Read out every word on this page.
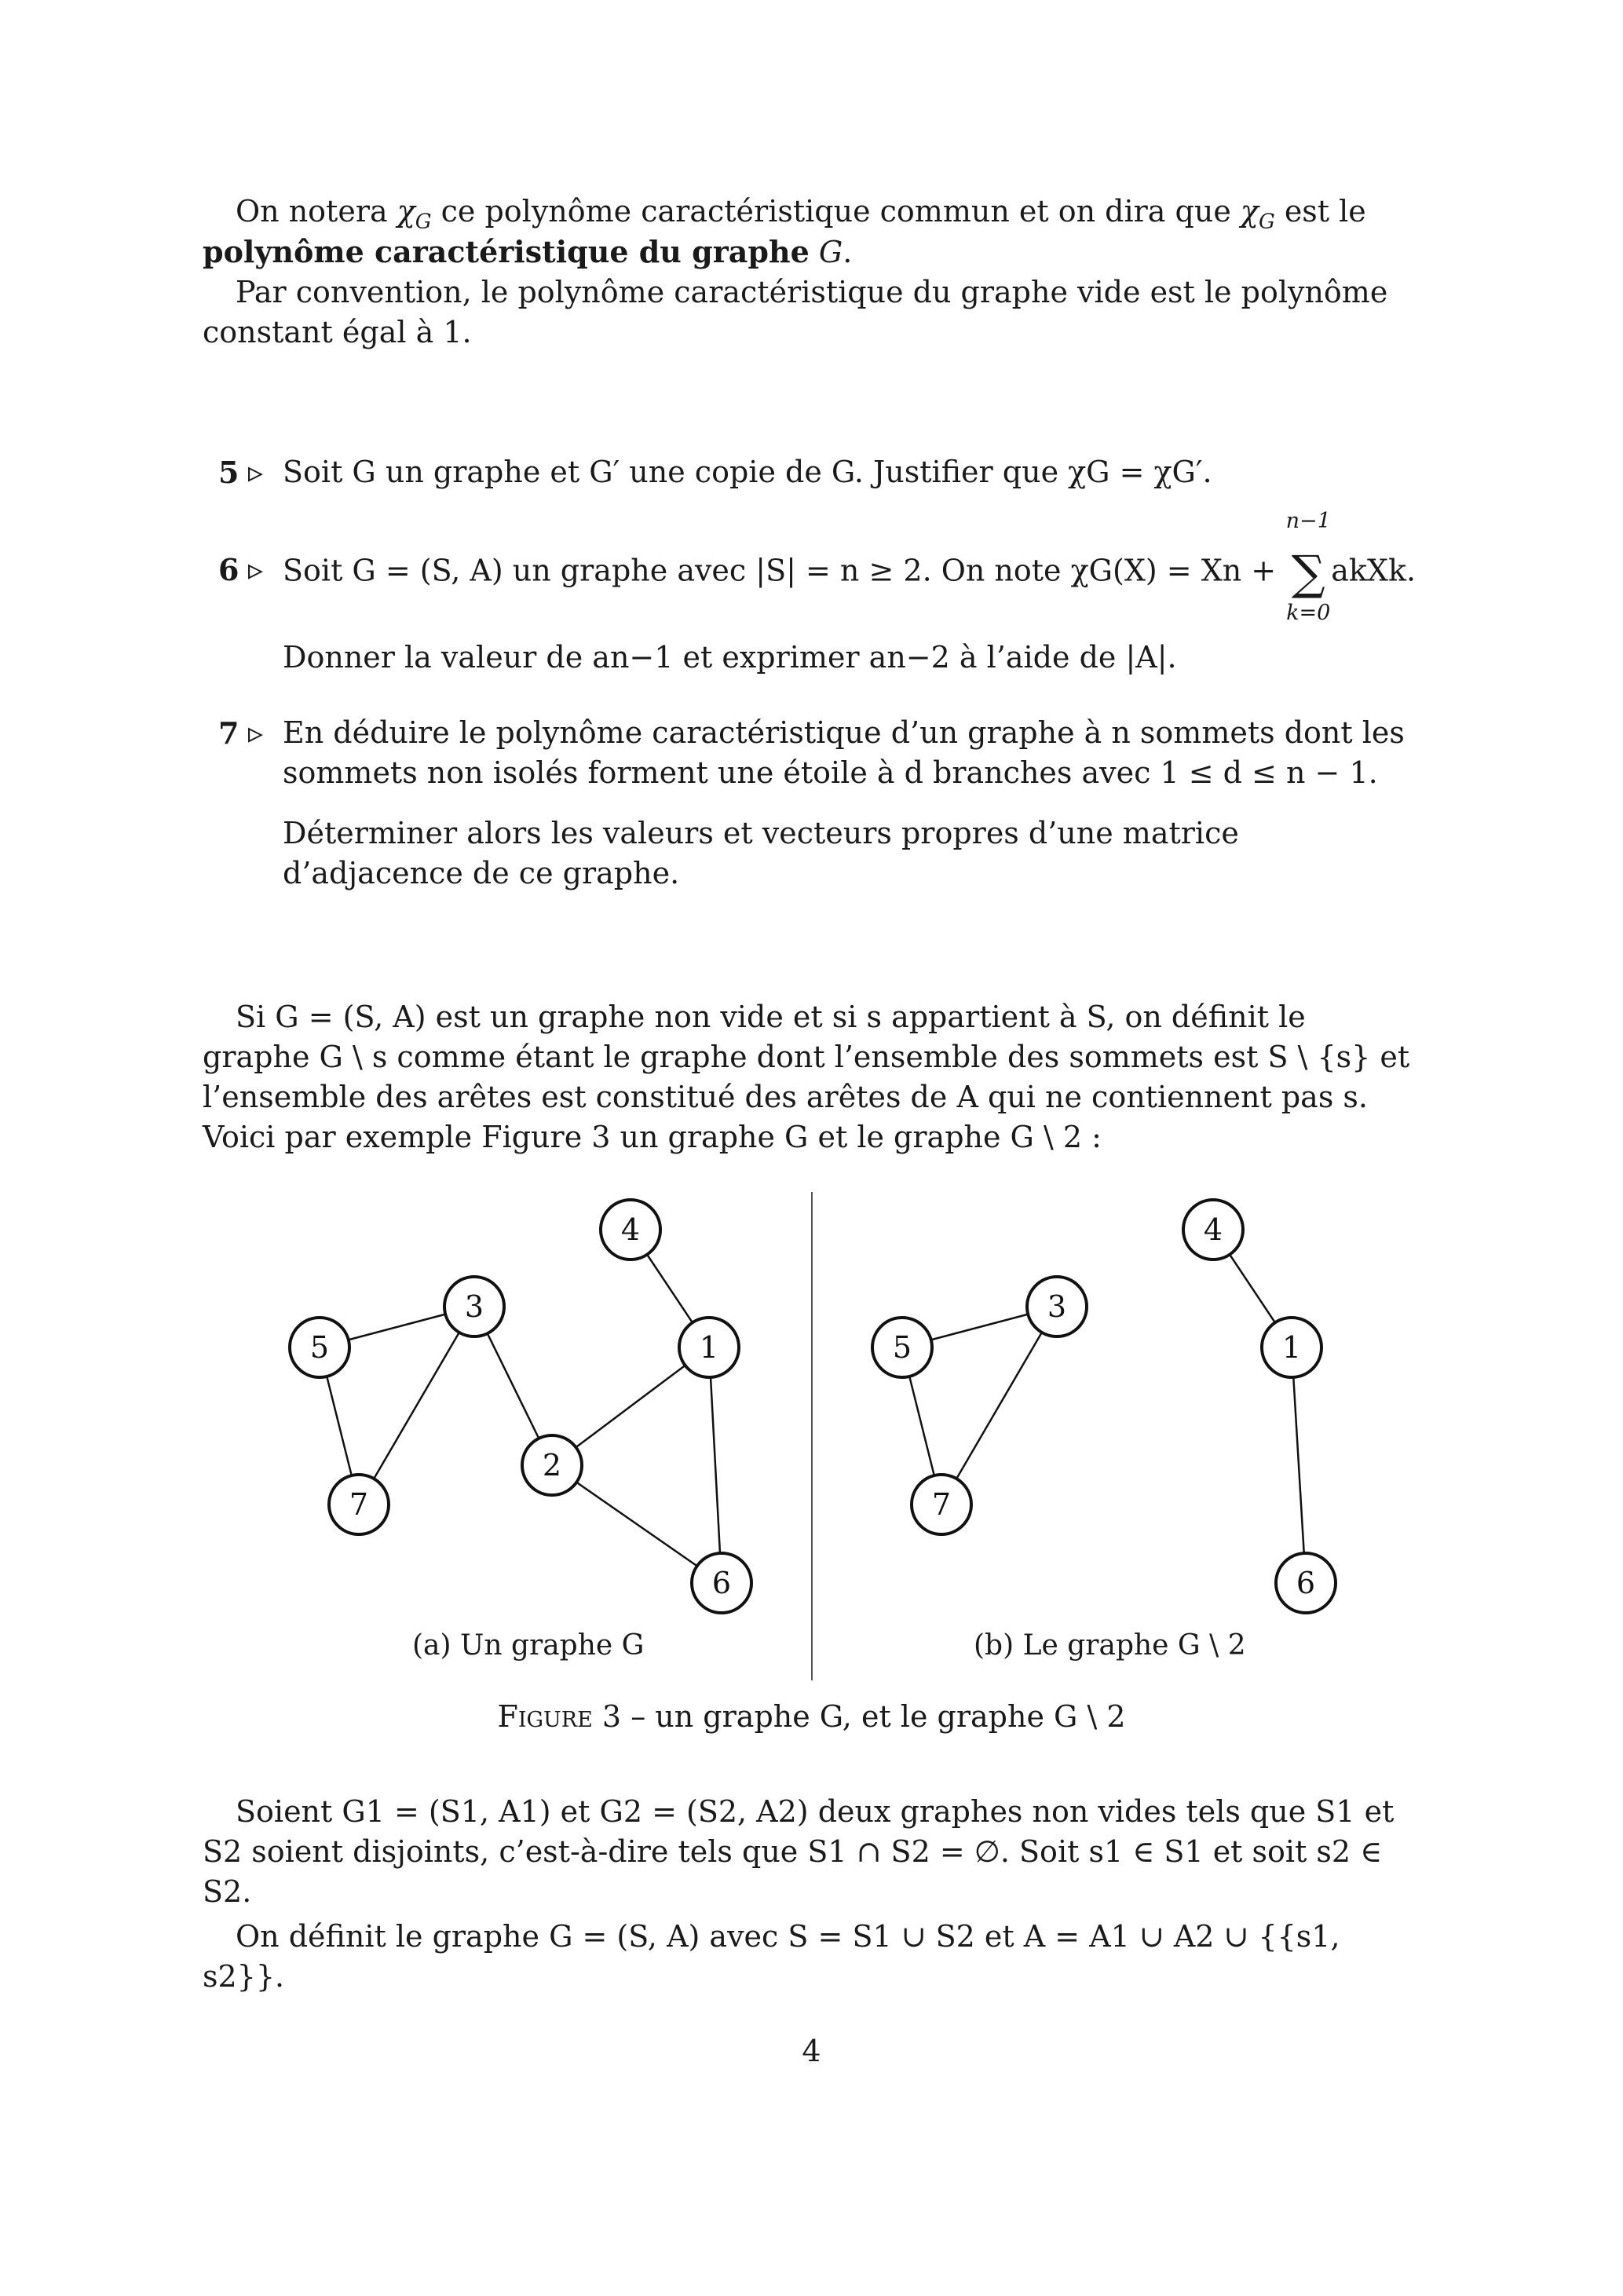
On notera $\chi_G$ ce polynôme caractéristique commun et on dira que $\chi_G$ est le polynôme caractéristique du graphe G.

Par convention, le polynôme caractéristique du graphe vide est le polynôme constant égal à 1.

5 ▹ Soit G un graphe et G′ une copie de G. Justifier que χG = χG′.
6 ▹ Soit G = (S, A) un graphe avec |S| = n ≥ 2. On note χG(X) = Xn +
n−1
∑
k=0
akXk.
Donner la valeur de an−1 et exprimer an−2 à l’aide de |A|.
7 ▹ En déduire le polynôme caractéristique d’un graphe à n sommets dont les sommets non isolés forment une étoile à d branches avec 1 ≤ d ≤ n − 1.
Déterminer alors les valeurs et vecteurs propres d’une matrice d’adjacence de ce graphe.

Si G = (S, A) est un graphe non vide et si s appartient à S, on définit le graphe G \ s comme étant le graphe dont l’ensemble des sommets est S \ {s} et l’ensemble des arêtes est constitué des arêtes de A qui ne contiennent pas s. Voici par exemple Figure 3 un graphe G et le graphe G \ 2 :

4
3
1
5
2
7
6
4
3
1
5
7
6
(a) Un graphe G	(b) Le graphe G \ 2
Figure 3 – un graphe G, et le graphe G \ 2

Soient G1 = (S1, A1) et G2 = (S2, A2) deux graphes non vides tels que S1 et S2 soient disjoints, c’est-à-dire tels que S1 ∩ S2 = ∅. Soit s1 ∈ S1 et soit s2 ∈ S2.

On définit le graphe G = (S, A) avec S = S1 ∪ S2 et A = A1 ∪ A2 ∪ {{s1, s2}}.

4
